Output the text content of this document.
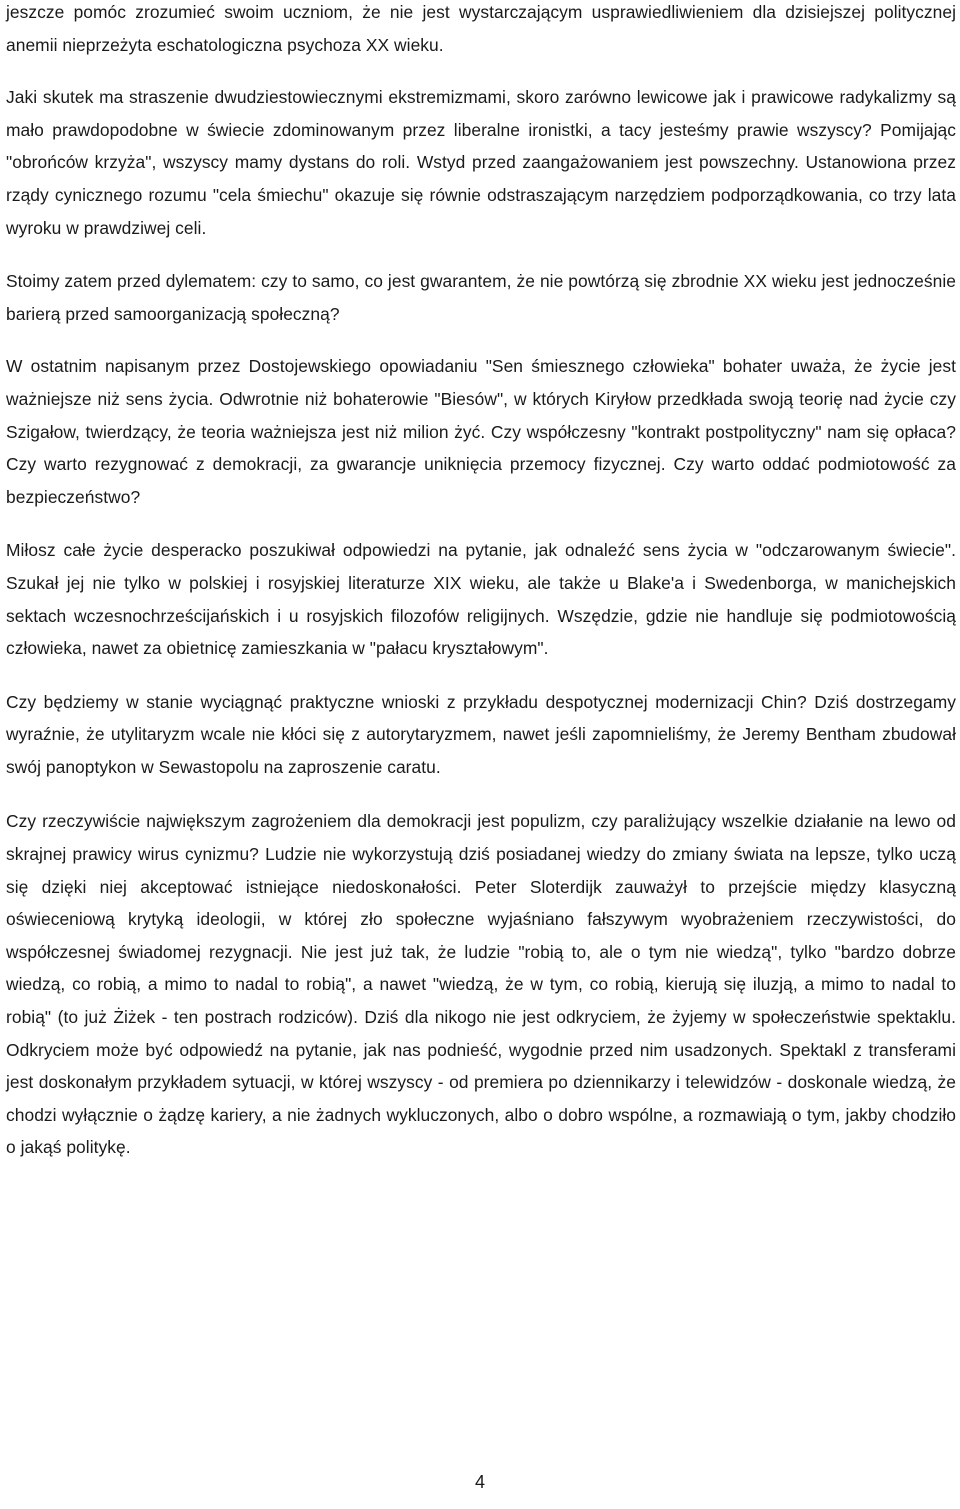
jeszcze pomóc zrozumieć swoim uczniom, że nie jest wystarczającym usprawiedliwieniem dla dzisiejszej politycznej anemii nieprzeżyta eschatologiczna psychoza XX wieku.

Jaki skutek ma straszenie dwudziestowiecznymi ekstremizmami, skoro zarówno lewicowe jak i prawicowe radykalizmy są mało prawdopodobne w świecie zdominowanym przez liberalne ironistki, a tacy jesteśmy prawie wszyscy? Pomijając "obrońców krzyża", wszyscy mamy dystans do roli. Wstyd przed zaangażowaniem jest powszechny. Ustanowiona przez rządy cynicznego rozumu "cela śmiechu" okazuje się równie odstraszającym narzędziem podporządkowania, co trzy lata wyroku w prawdziwej celi.

Stoimy zatem przed dylematem: czy to samo, co jest gwarantem, że nie powtórzą się zbrodnie XX wieku jest jednocześnie barierą przed samoorganizacją społeczną?

W ostatnim napisanym przez Dostojewskiego opowiadaniu "Sen śmiesznego człowieka" bohater uważa, że życie jest ważniejsze niż sens życia. Odwrotnie niż bohaterowie "Biesów", w których Kiryłow przedkłada swoją teorię nad życie czy Szigałow, twierdzący, że teoria ważniejsza jest niż milion żyć. Czy współczesny "kontrakt postpolityczny" nam się opłaca? Czy warto rezygnować z demokracji, za gwarancje uniknięcia przemocy fizycznej. Czy warto oddać podmiotowość za bezpieczeństwo?

Miłosz całe życie desperacko poszukiwał odpowiedzi na pytanie, jak odnaleźć sens życia w "odczarowanym świecie". Szukał jej nie tylko w polskiej i rosyjskiej literaturze XIX wieku, ale także u Blake'a i Swedenborga, w manichejskich sektach wczesnochrześcijańskich i u rosyjskich filozofów religijnych. Wszędzie, gdzie nie handluje się podmiotowością człowieka, nawet za obietnicę zamieszkania w "pałacu kryształowym".

Czy będziemy w stanie wyciągnąć praktyczne wnioski z przykładu despotycznej modernizacji Chin? Dziś dostrzegamy wyraźnie, że utylitaryzm wcale nie kłóci się z autorytaryzmem, nawet jeśli zapomnieliśmy, że Jeremy Bentham zbudował swój panoptykon w Sewastopolu na zaproszenie caratu.

Czy rzeczywiście największym zagrożeniem dla demokracji jest populizm, czy paraliżujący wszelkie działanie na lewo od skrajnej prawicy wirus cynizmu? Ludzie nie wykorzystują dziś posiadanej wiedzy do zmiany świata na lepsze, tylko uczą się dzięki niej akceptować istniejące niedoskonałości. Peter Sloterdijk zauważył to przejście między klasyczną oświeceniową krytyką ideologii, w której zło społeczne wyjaśniano fałszywym wyobrażeniem rzeczywistości, do współczesnej świadomej rezygnacji. Nie jest już tak, że ludzie "robią to, ale o tym nie wiedzą", tylko "bardzo dobrze wiedzą, co robią, a mimo to nadal to robią", a nawet "wiedzą, że w tym, co robią, kierują się iluzją, a mimo to nadal to robią" (to już Żiżek - ten postrach rodziców). Dziś dla nikogo nie jest odkryciem, że żyjemy w społeczeństwie spektaklu. Odkryciem może być odpowiedź na pytanie, jak nas podnieść, wygodnie przed nim usadzonych. Spektakl z transferami jest doskonałym przykładem sytuacji, w której wszyscy - od premiera po dziennikarzy i telewidzów - doskonale wiedzą, że chodzi wyłącznie o żądzę kariery, a nie żadnych wykluczonych, albo o dobro wspólne, a rozmawiają o tym, jakby chodziło o jakąś politykę.

4
